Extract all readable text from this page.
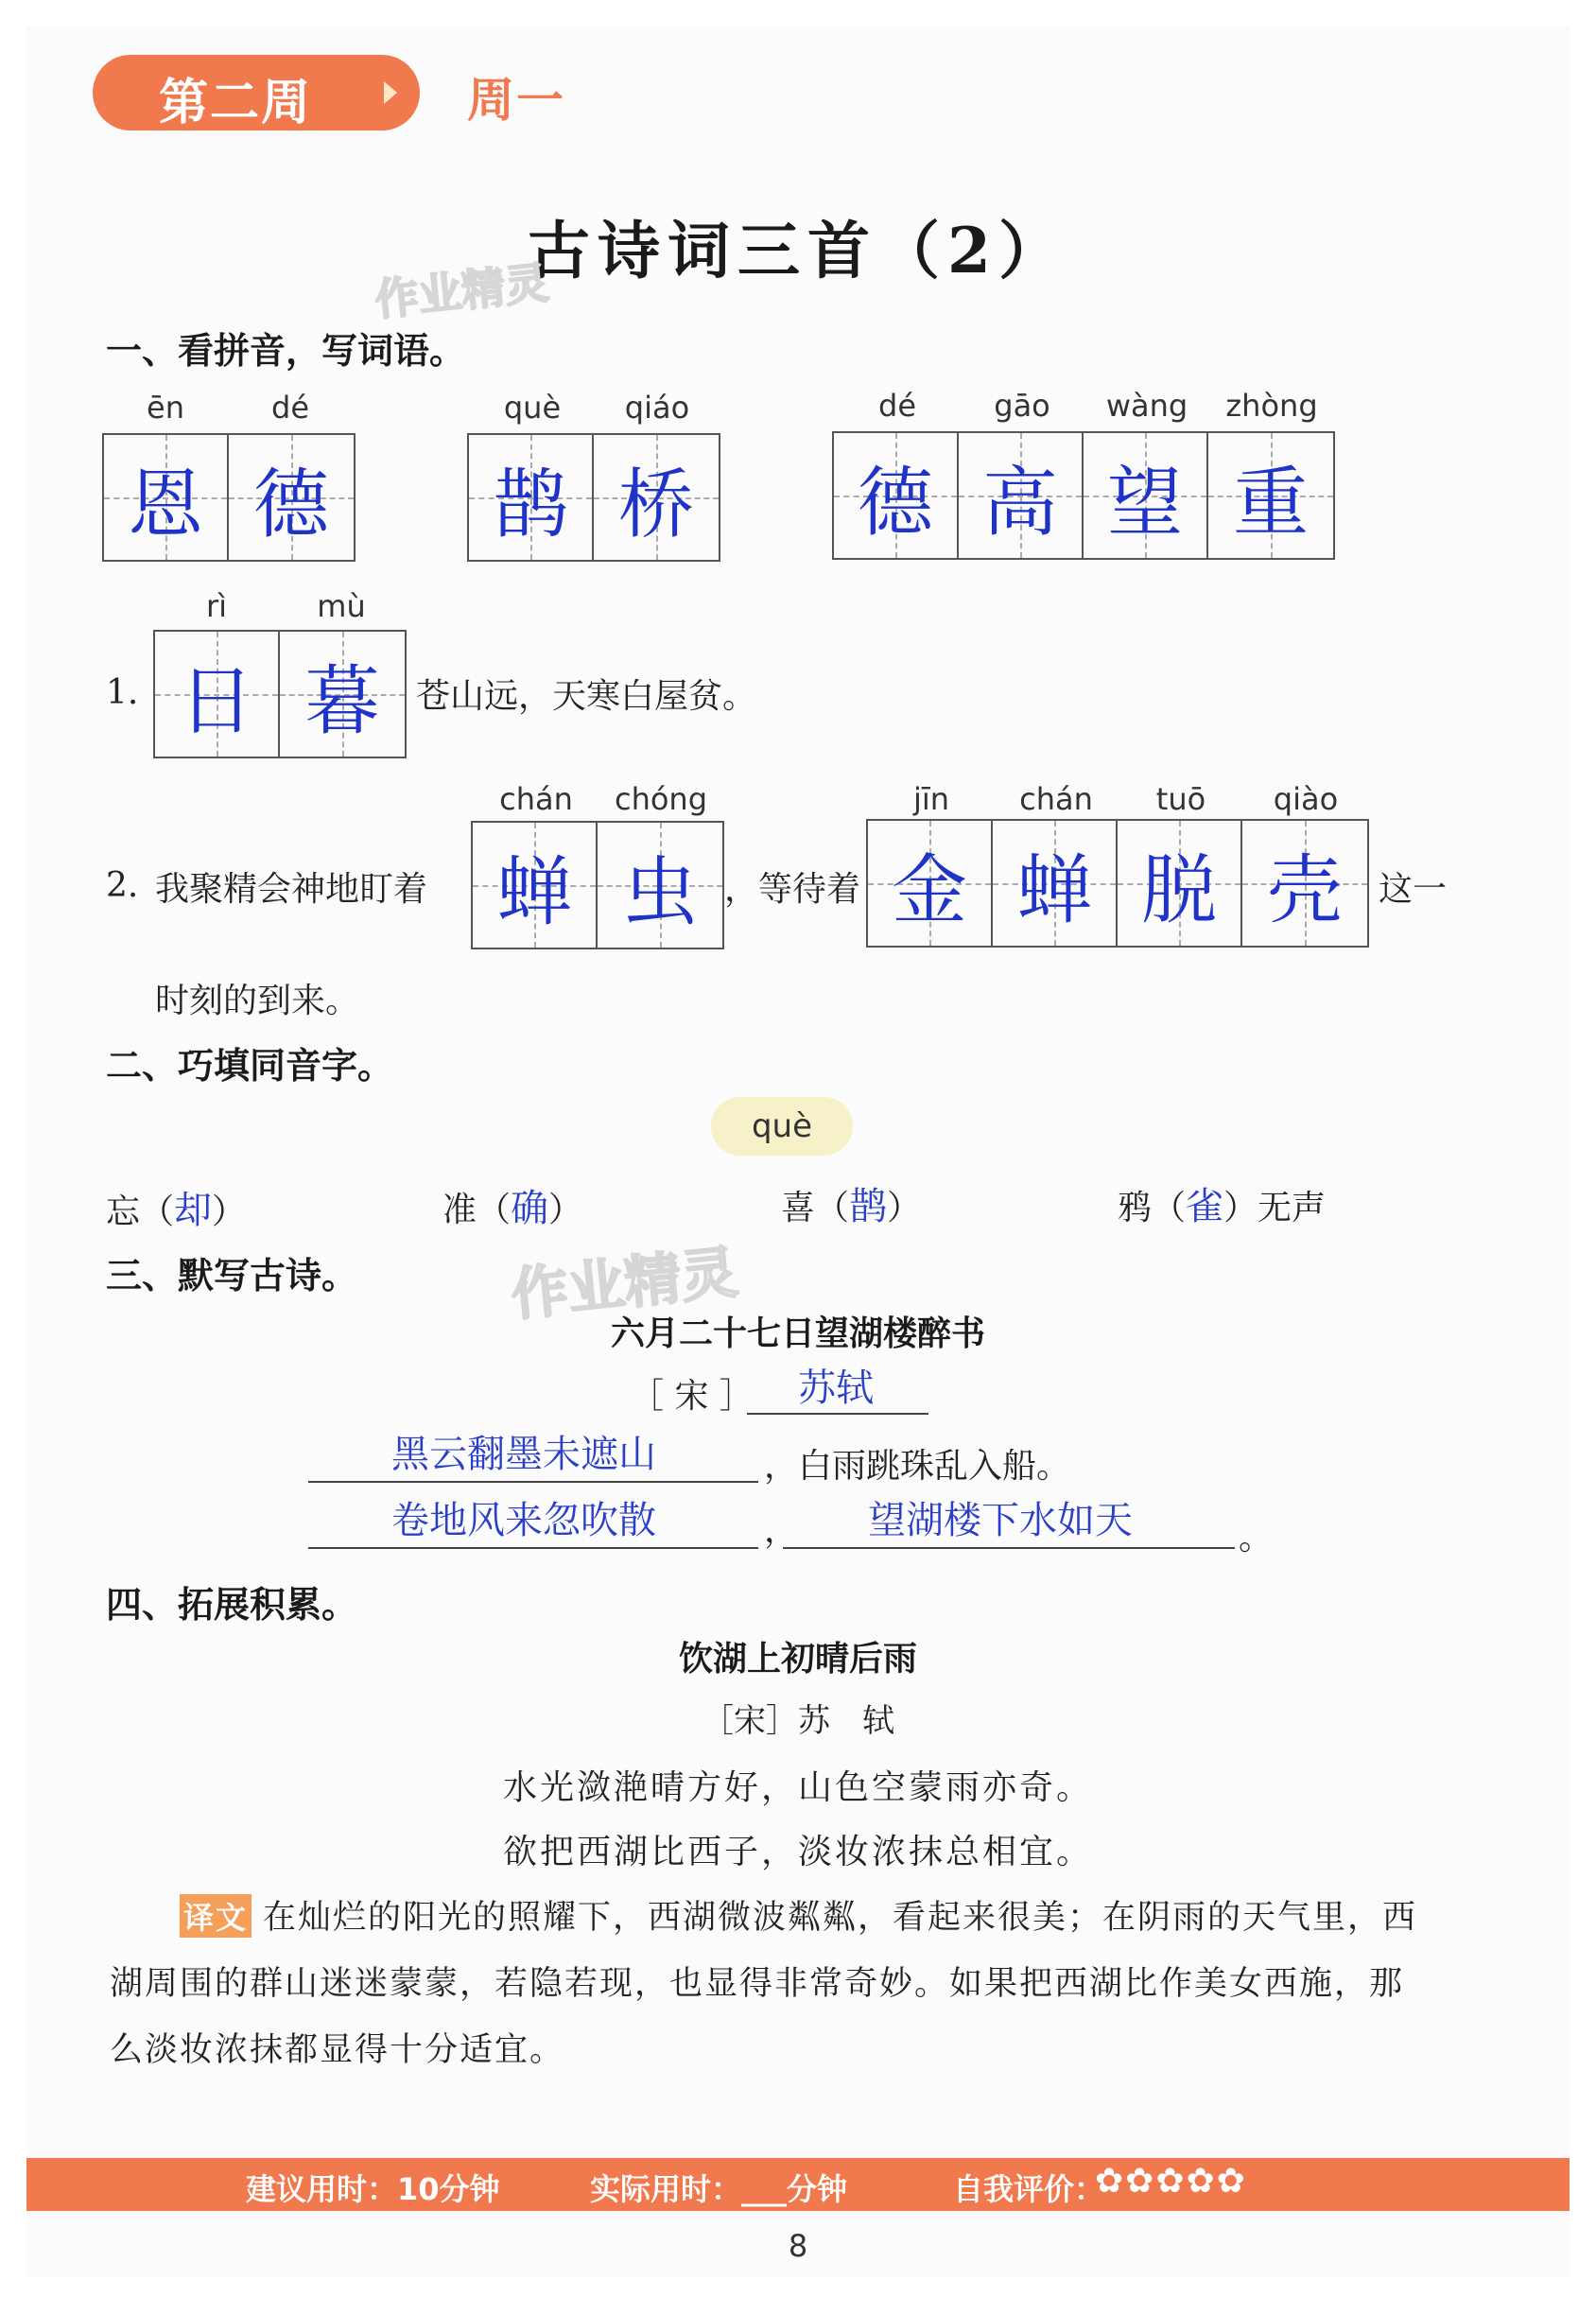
第二周	周一
古诗词三首（2）
作业精灵
一、看拼音，写词语。
ēn	dé
恩 德
què	qiáo
鹊 桥
dé	gāo	wàng	zhòng
德 高 望 重
rì	mù
1. 日 暮	苍山远，天寒白屋贫。
2. 我聚精会神地盯着
chán	chóng
蝉 虫 ，等待着
jīn	chán	tuō	qiào
金 蝉 脱 壳	这一
时刻的到来。
二、巧填同音字。
què
忘（却）	准（确）	喜（鹊）	鸦（雀）无声
三、默写古诗。	作业精灵
六月二十七日望湖楼醉书
［ 宋 ］ 苏轼
黑云翻墨未遮山	，白雨跳珠乱入船。
卷地风来忽吹散	， 望湖楼下水如天	。
四、拓展积累。
饮湖上初晴后雨
［宋］苏　轼
水光潋滟晴方好，山色空蒙雨亦奇。
欲把西湖比西子，淡妆浓抹总相宜。
译文 在灿烂的阳光的照耀下，西湖微波粼粼，看起来很美；在阴雨的天气里，西
湖周围的群山迷迷蒙蒙，若隐若现，也显得非常奇妙。如果把西湖比作美女西施，那
么淡妆浓抹都显得十分适宜。
建议用时：10分钟	实际用时：___分钟	自我评价：
✿✿✿✿✿
8
